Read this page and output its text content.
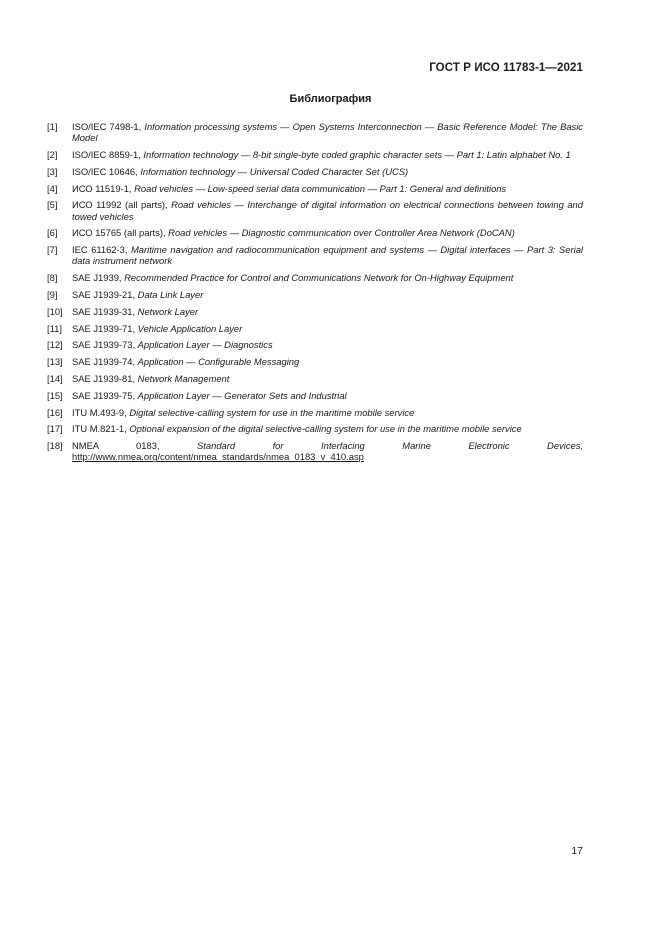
ГОСТ Р ИСО 11783-1—2021
Библиография
[1]	ISO/IEC 7498-1, Information processing systems — Open Systems Interconnection — Basic Reference Model: The Basic Model
[2]	ISO/IEC 8859-1, Information technology — 8-bit single-byte coded graphic character sets — Part 1: Latin alphabet No. 1
[3]	ISO/IEC 10646, Information technology — Universal Coded Character Set (UCS)
[4]	ИСО 11519-1, Road vehicles — Low-speed serial data communication — Part 1: General and definitions
[5]	ИСО 11992 (all parts), Road vehicles — Interchange of digital information on electrical connections between towing and towed vehicles
[6]	ИСО 15765 (all parts), Road vehicles — Diagnostic communication over Controller Area Network (DoCAN)
[7]	IEC 61162-3, Maritime navigation and radiocommunication equipment and systems — Digital interfaces — Part 3: Serial data instrument network
[8]	SAE J1939, Recommended Practice for Control and Communications Network for On-Highway Equipment
[9]	SAE J1939-21, Data Link Layer
[10] SAE J1939-31, Network Layer
[11]	SAE J1939-71, Vehicle Application Layer
[12] SAE J1939-73, Application Layer — Diagnostics
[13] SAE J1939-74, Application — Configurable Messaging
[14] SAE J1939-81, Network Management
[15] SAE J1939-75, Application Layer — Generator Sets and Industrial
[16] ITU M.493-9, Digital selective-calling system for use in the maritime mobile service
[17] ITU M.821-1, Optional expansion of the digital selective-calling system for use in the maritime mobile service
[18] NMEA 0183,	Standard for Interfacing Marine Electronic Devices, http://www.nmea.org/content/nmea_standards/nmea_0183_v_410.asp
17
